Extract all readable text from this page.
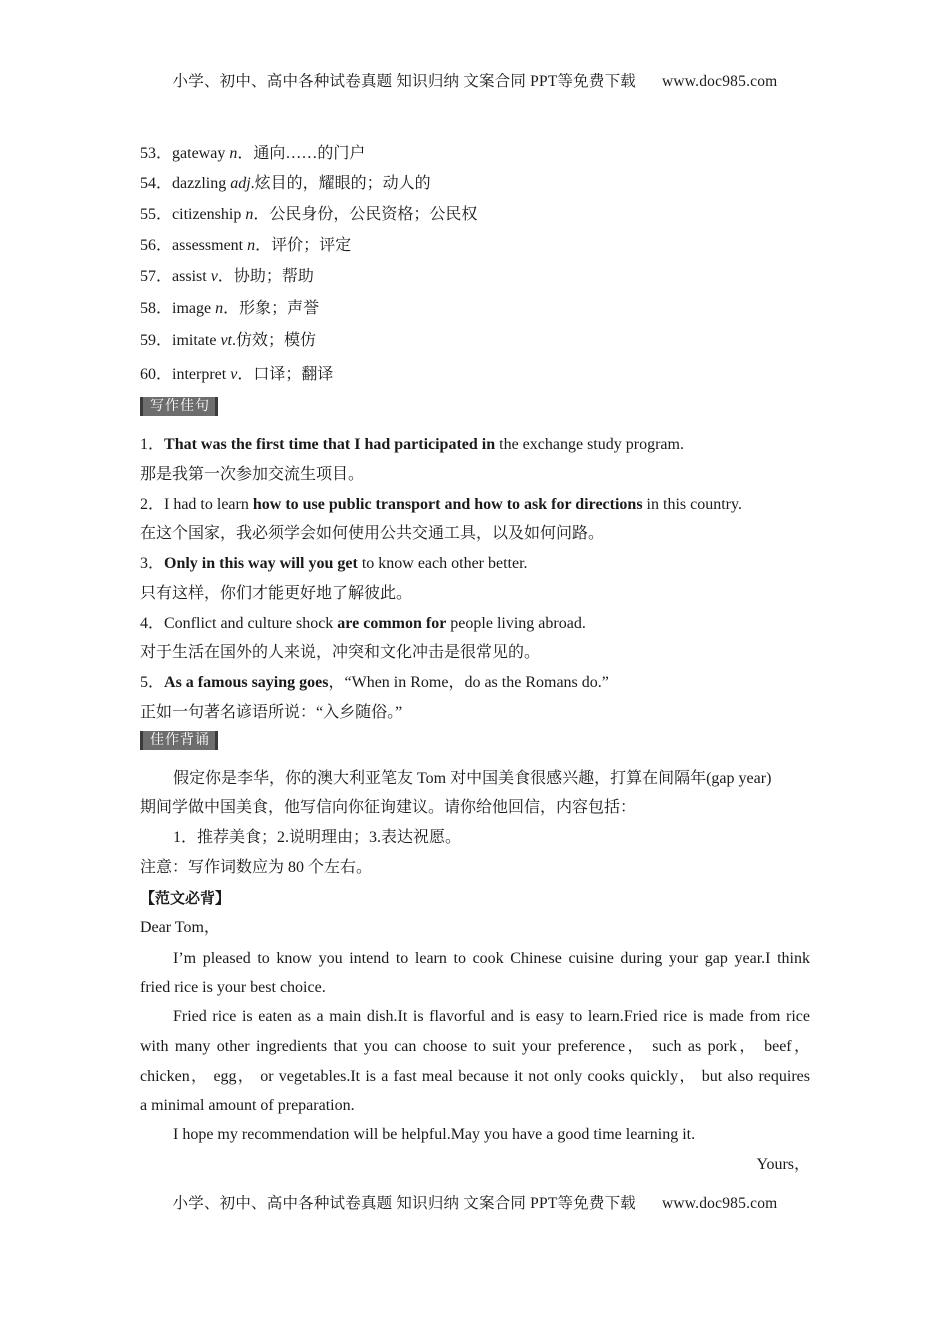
小学、初中、高中各种试卷真题 知识归纳 文案合同 PPT等免费下载 www.doc985.com
53．gateway n．通向……的门户
54．dazzling adj.炫目的，耀眼的；动人的
55．citizenship n．公民身份，公民资格；公民权
56．assessment n．评价；评定
57．assist v．协助；帮助
58．image n．形象；声誉
59．imitate vt.仿效；模仿
60．interpret v．口译；翻译
写作佳句
1．That was the first time that I had participated in the exchange study program.
那是我第一次参加交流生项目。
2．I had to learn how to use public transport and how to ask for directions in this country.
在这个国家，我必须学会如何使用公共交通工具，以及如何问路。
3．Only in this way will you get to know each other better.
只有这样，你们才能更好地了解彼此。
4．Conflict and culture shock are common for people living abroad.
对于生活在国外的人来说，冲突和文化冲击是很常见的。
5．As a famous saying goes，“When in Rome，do as the Romans do.”
正如一句著名谚语所说：“入乡随俗。”
佳作背诵
假定你是李华，你的澳大利亚笔友 Tom 对中国美食很感兴趣，打算在间隔年(gap year)
期间学做中国美食，他写信向你征询建议。请你给他回信，内容包括：
1．推荐美食；2.说明理由；3.表达祝愿。
注意：写作词数应为 80 个左右。
【范文必背】
Dear Tom，
I’m pleased to know you intend to learn to cook Chinese cuisine during your gap year.I think
fried rice is your best choice.
Fried rice is eaten as a main dish.It is flavorful and is easy to learn.Fried rice is made from rice
with many other ingredients that you can choose to suit your preference， such as pork， beef，
chicken， egg， or vegetables.It is a fast meal because it not only cooks quickly， but also requires
a minimal amount of preparation.
I hope my recommendation will be helpful.May you have a good time learning it.
Yours，
小学、初中、高中各种试卷真题 知识归纳 文案合同 PPT等免费下载 www.doc985.com
